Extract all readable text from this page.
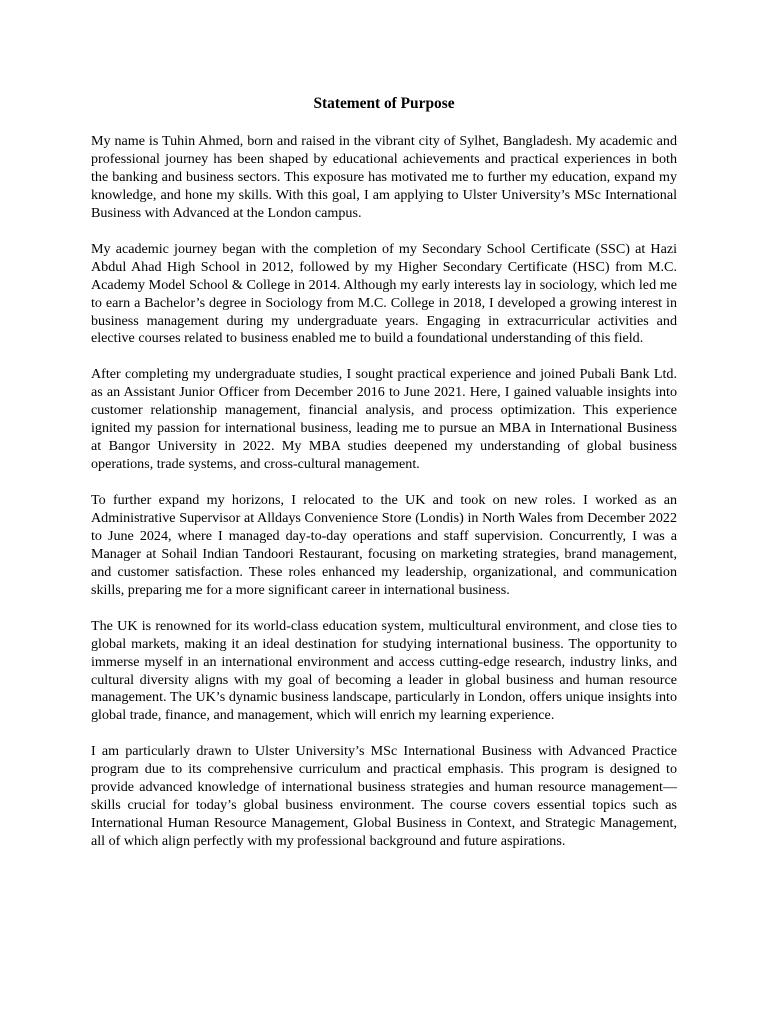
Statement of Purpose

My name is Tuhin Ahmed, born and raised in the vibrant city of Sylhet, Bangladesh. My academic and professional journey has been shaped by educational achievements and practical experiences in both the banking and business sectors. This exposure has motivated me to further my education, expand my knowledge, and hone my skills. With this goal, I am applying to Ulster University’s MSc International Business with Advanced at the London campus.

My academic journey began with the completion of my Secondary School Certificate (SSC) at Hazi Abdul Ahad High School in 2012, followed by my Higher Secondary Certificate (HSC) from M.C. Academy Model School & College in 2014. Although my early interests lay in sociology, which led me to earn a Bachelor’s degree in Sociology from M.C. College in 2018, I developed a growing interest in business management during my undergraduate years. Engaging in extracurricular activities and elective courses related to business enabled me to build a foundational understanding of this field.

After completing my undergraduate studies, I sought practical experience and joined Pubali Bank Ltd. as an Assistant Junior Officer from December 2016 to June 2021. Here, I gained valuable insights into customer relationship management, financial analysis, and process optimization. This experience ignited my passion for international business, leading me to pursue an MBA in International Business at Bangor University in 2022. My MBA studies deepened my understanding of global business operations, trade systems, and cross-cultural management.

To further expand my horizons, I relocated to the UK and took on new roles. I worked as an Administrative Supervisor at Alldays Convenience Store (Londis) in North Wales from December 2022 to June 2024, where I managed day-to-day operations and staff supervision. Concurrently, I was a Manager at Sohail Indian Tandoori Restaurant, focusing on marketing strategies, brand management, and customer satisfaction. These roles enhanced my leadership, organizational, and communication skills, preparing me for a more significant career in international business.

The UK is renowned for its world-class education system, multicultural environment, and close ties to global markets, making it an ideal destination for studying international business. The opportunity to immerse myself in an international environment and access cutting-edge research, industry links, and cultural diversity aligns with my goal of becoming a leader in global business and human resource management. The UK’s dynamic business landscape, particularly in London, offers unique insights into global trade, finance, and management, which will enrich my learning experience.

I am particularly drawn to Ulster University’s MSc International Business with Advanced Practice program due to its comprehensive curriculum and practical emphasis. This program is designed to provide advanced knowledge of international business strategies and human resource management—skills crucial for today’s global business environment. The course covers essential topics such as International Human Resource Management, Global Business in Context, and Strategic Management, all of which align perfectly with my professional background and future aspirations.
